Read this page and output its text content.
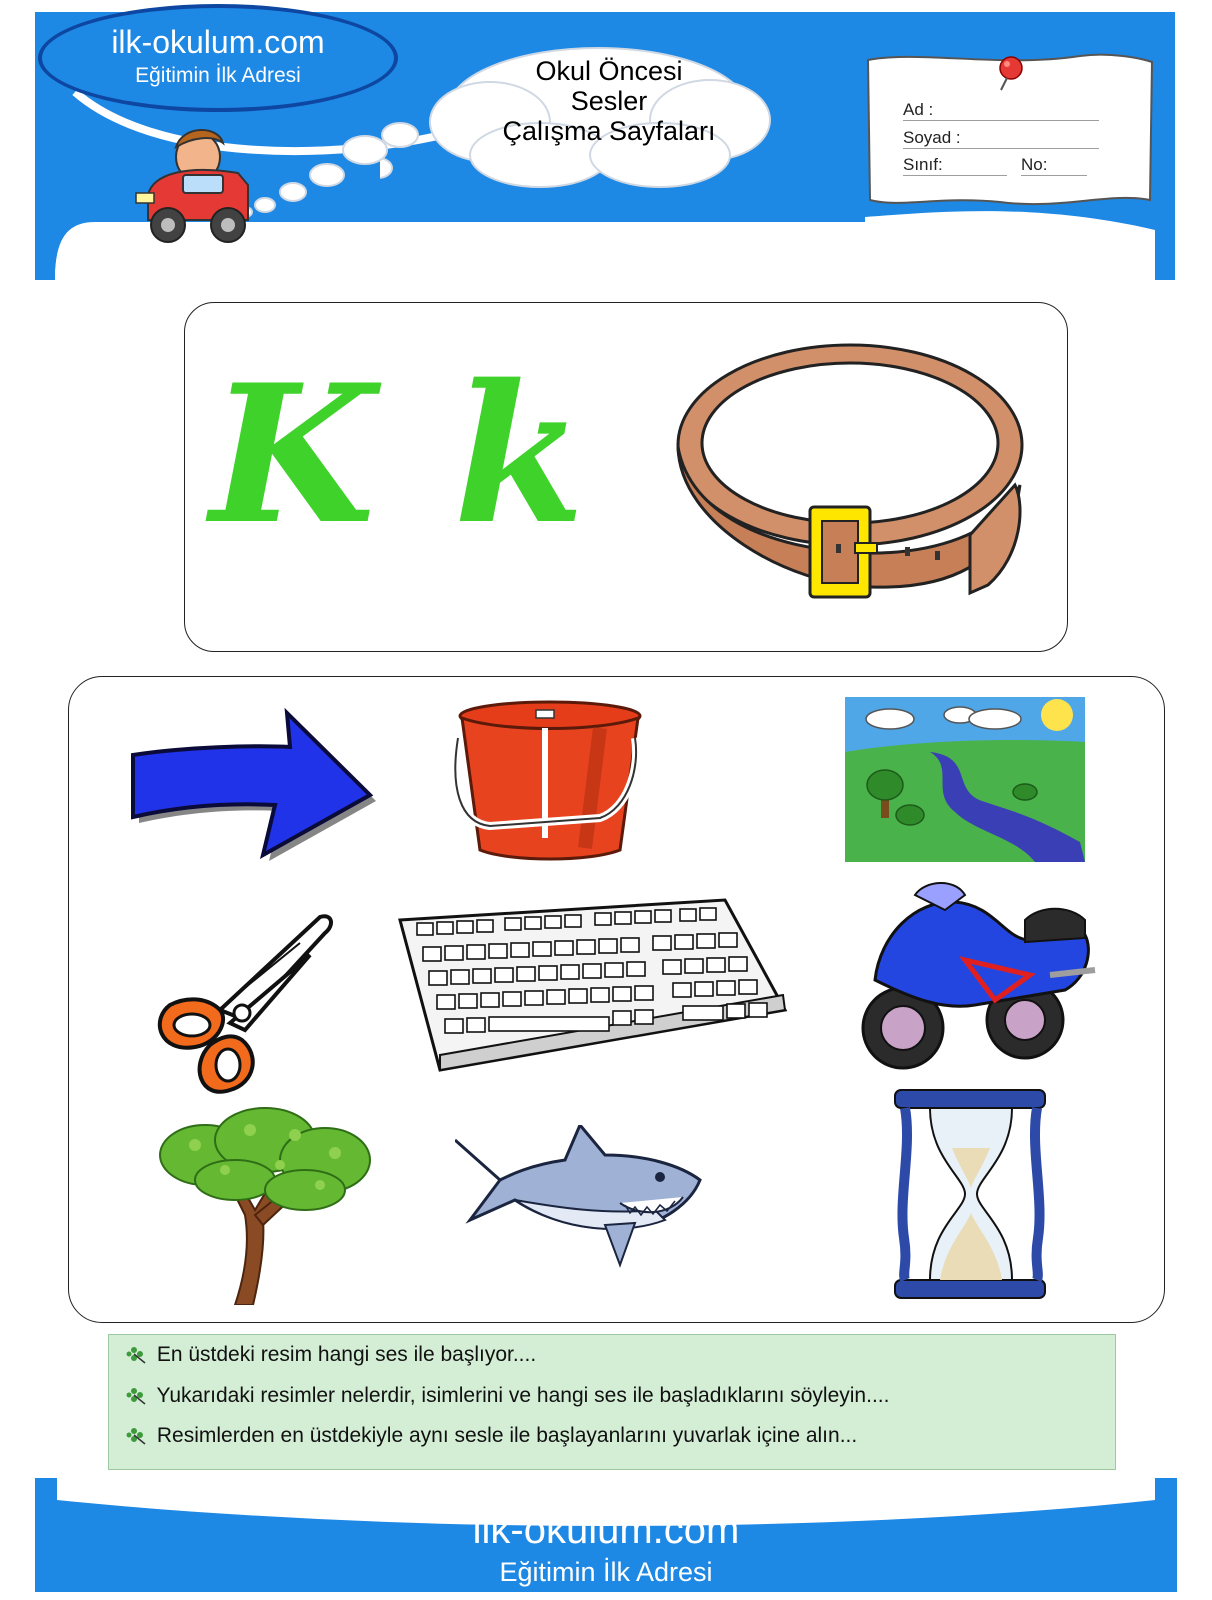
ilk-okulum.com
Eğitimin İlk Adresi	Okul Öncesi
Sesler
Çalışma Sayfaları
Ad :
Soyad :
Sınıf:	No:
K k
En üstdeki resim hangi ses ile başlıyor....
Yukarıdaki resimler nelerdir, isimlerini ve hangi ses ile başladıklarını söyleyin....
Resimlerden en üstdekiyle aynı sesle ile başlayanlarını yuvarlak içine alın...
ilk-okulum.com
Eğitimin İlk Adresi
